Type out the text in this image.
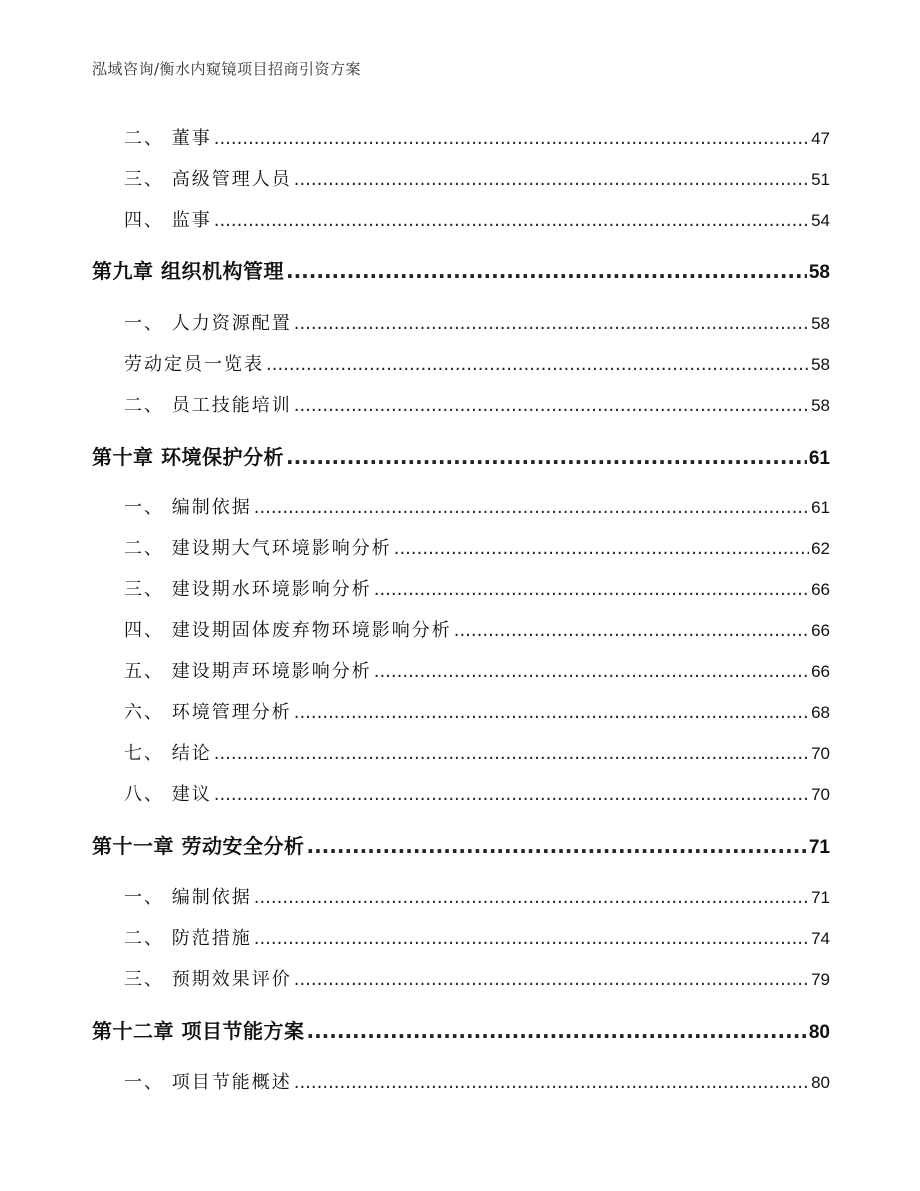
泓域咨询/衡水内窥镜项目招商引资方案
二、 董事 .....	47
三、 高级管理人员 .....	51
四、 监事 .....	54
第九章 组织机构管理 .....	58
一、 人力资源配置 .....	58
劳动定员一览表 .....	58
二、 员工技能培训 .....	58
第十章 环境保护分析 .....	61
一、 编制依据 .....	61
二、 建设期大气环境影响分析 .....	62
三、 建设期水环境影响分析 .....	66
四、 建设期固体废弃物环境影响分析 .....	66
五、 建设期声环境影响分析 .....	66
六、 环境管理分析 .....	68
七、 结论 .....	70
八、 建议 .....	70
第十一章 劳动安全分析 .....	71
一、 编制依据 .....	71
二、 防范措施 .....	74
三、 预期效果评价 .....	79
第十二章 项目节能方案 .....	80
一、 项目节能概述 .....	80
